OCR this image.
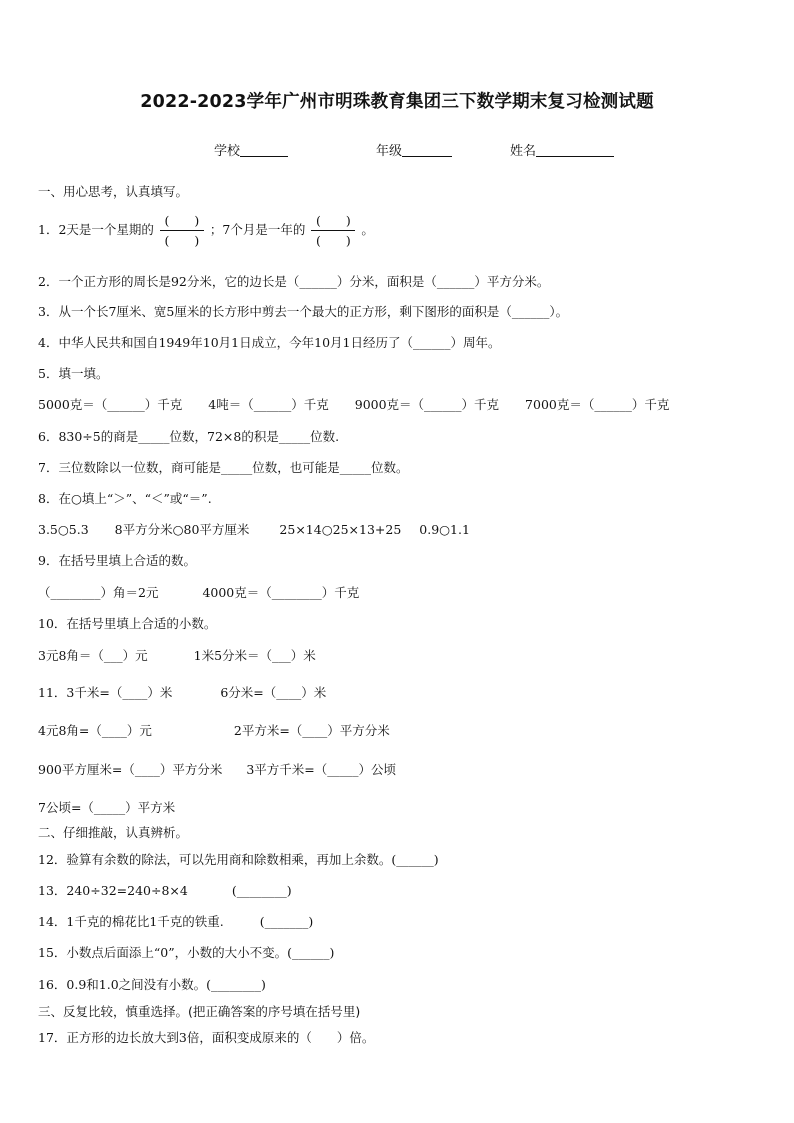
2022-2023学年广州市明珠教育集团三下数学期末复习检测试题
学校	年级	姓名
一、用心思考，认真填写。
1．2天是一个星期的 $\frac{( )}{( )}$ ；7个月是一年的 $\frac{( )}{( )}$ 。
2．一个正方形的周长是92分米，它的边长是（______）分米，面积是（______）平方分米。
3．从一个长7厘米、宽5厘米的长方形中剪去一个最大的正方形，剩下图形的面积是（______）。
4．中华人民共和国自1949年10月1日成立，今年10月1日经历了（______）周年。
5．填一填。
5000克＝（______）千克 4吨＝（______）千克 9000克＝（______）千克 7000克＝（______）千克
6．830÷5的商是_____位数，72×8的积是_____位数.
7．三位数除以一位数，商可能是_____位数，也可能是_____位数。
8．在○填上“＞”、“＜”或“＝”.
3.5○5.3 8平方分米○80平方厘米 25×14○25×13+25 0.9○1.1
9．在括号里填上合适的数。
（________）角＝2元	4000克＝（________）千克
10．在括号里填上合适的小数。
3元8角＝（___）元	1米5分米＝（___）米
11．3千米=（____）米	6分米=（____）米
4元8角=（____）元	2平方米=（____）平方分米
900平方厘米=（____）平方分米 3平方千米=（_____）公顷
7公顷=（_____）平方米
二、仔细推敲，认真辨析。
12．验算有余数的除法，可以先用商和除数相乘，再加上余数。(______)
13．240÷32=240÷8×4	(________)
14．1千克的棉花比1千克的铁重.	(_______)
15．小数点后面添上“0”，小数的大小不变。(______)
16．0.9和1.0之间没有小数。(________)
三、反复比较，慎重选择。(把正确答案的序号填在括号里)
17．正方形的边长放大到3倍，面积变成原来的（　　）倍。
